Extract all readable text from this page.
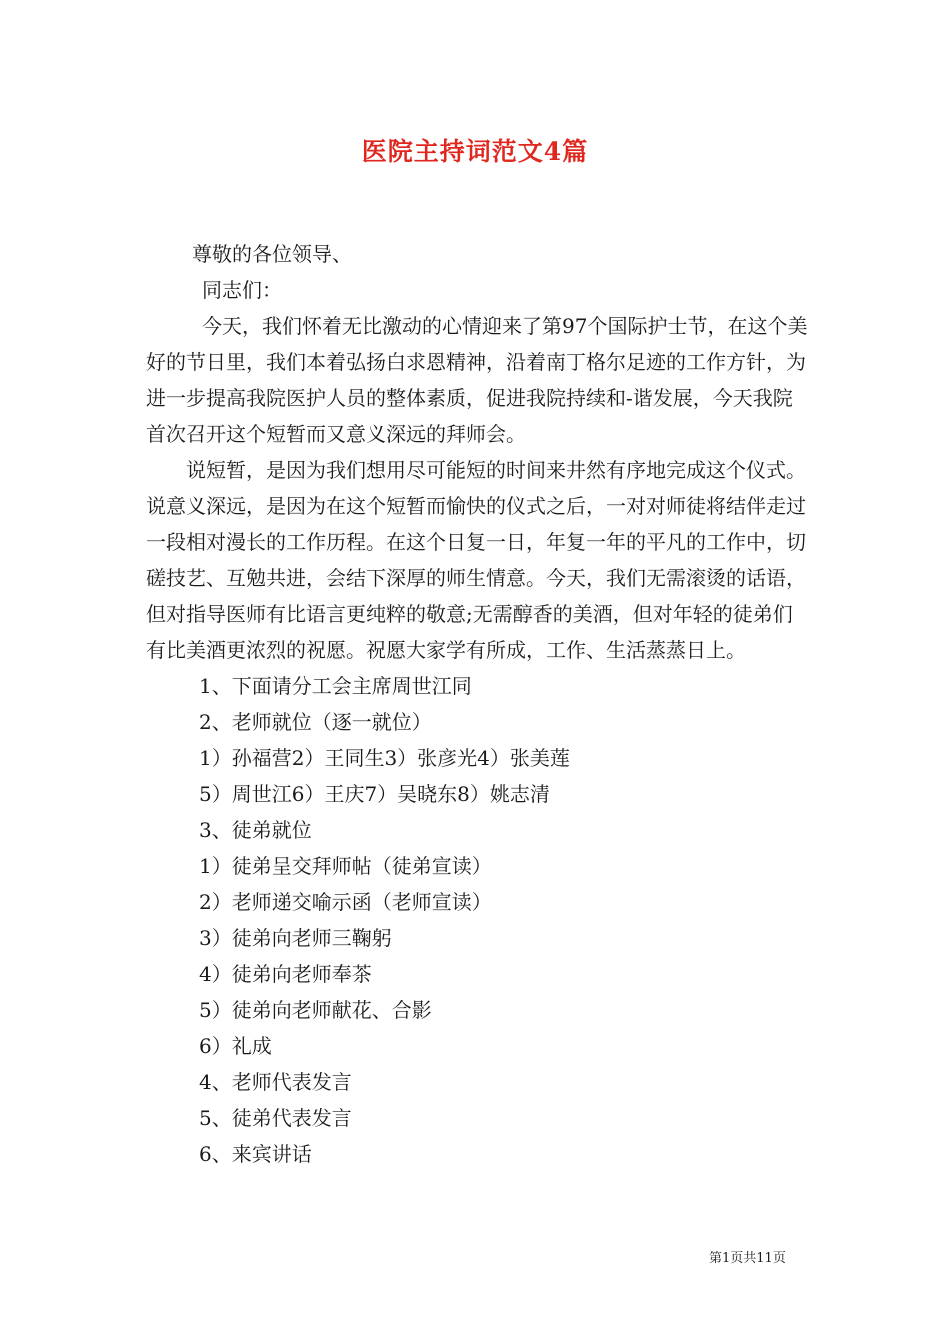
医院主持词范文4篇

尊敬的各位领导、

同志们：

今天，我们怀着无比激动的心情迎来了第97个国际护士节，在这个美好的节日里，我们本着弘扬白求恩精神，沿着南丁格尔足迹的工作方针，为进一步提高我院医护人员的整体素质，促进我院持续和-谐发展，今天我院首次召开这个短暂而又意义深远的拜师会。

说短暂，是因为我们想用尽可能短的时间来井然有序地完成这个仪式。说意义深远，是因为在这个短暂而愉快的仪式之后，一对对师徒将结伴走过一段相对漫长的工作历程。在这个日复一日，年复一年的平凡的工作中，切磋技艺、互勉共进，会结下深厚的师生情意。今天，我们无需滚烫的话语，但对指导医师有比语言更纯粹的敬意;无需醇香的美酒，但对年轻的徒弟们有比美酒更浓烈的祝愿。祝愿大家学有所成，工作、生活蒸蒸日上。

1、下面请分工会主席周世江同

2、老师就位（逐一就位）

1）孙福营2）王同生3）张彦光4）张美莲

5）周世江6）王庆7）吴晓东8）姚志清

3、徒弟就位

1）徒弟呈交拜师帖（徒弟宣读）

2）老师递交喻示函（老师宣读）

3）徒弟向老师三鞠躬

4）徒弟向老师奉茶

5）徒弟向老师献花、合影

6）礼成

4、老师代表发言

5、徒弟代表发言

6、来宾讲话

第1页共11页
